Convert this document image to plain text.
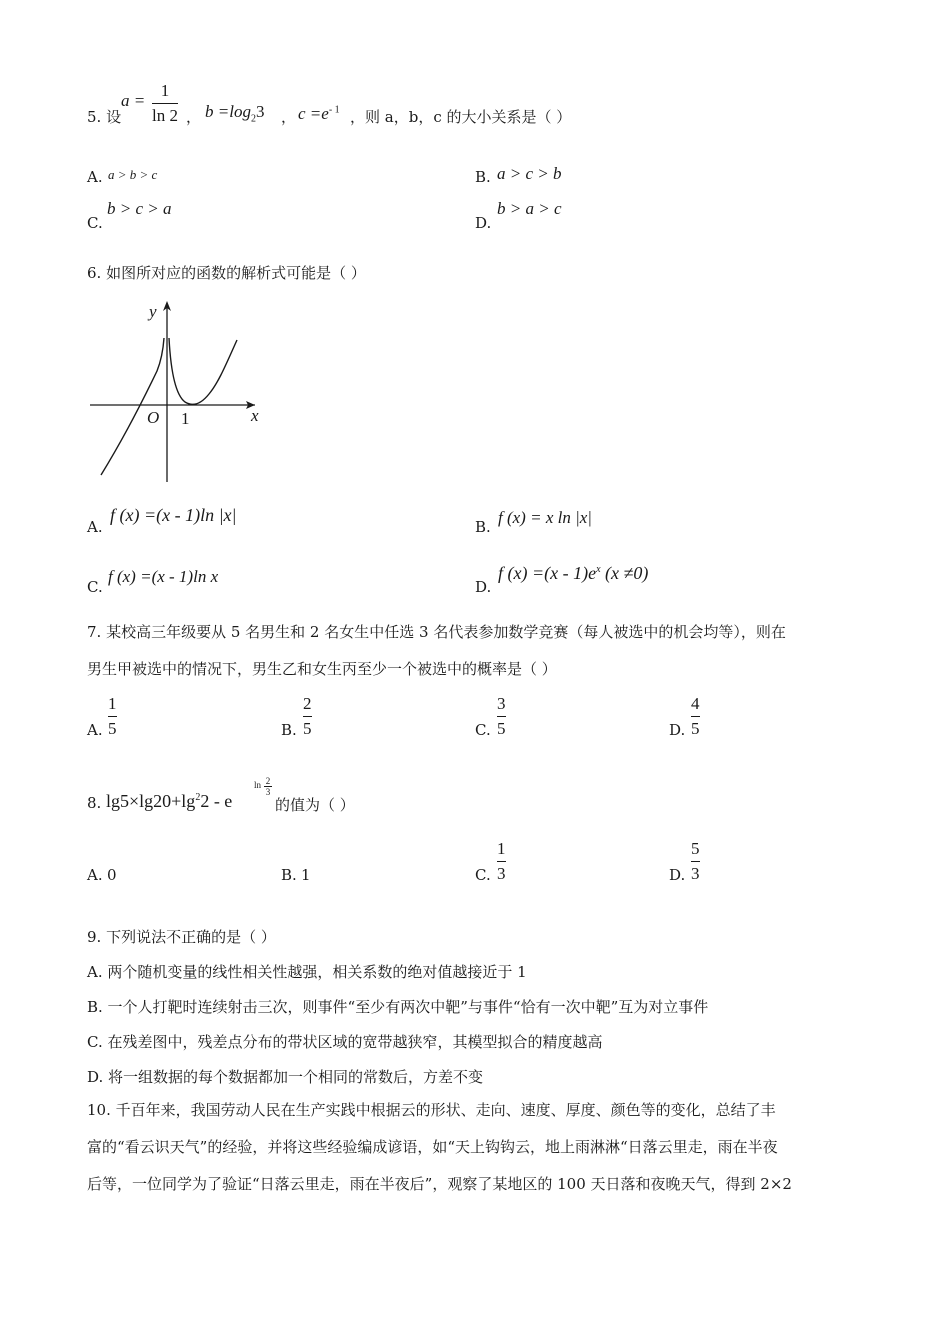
5. 设
a =
1
ln 2 ， $b =\log_23$ ， $c =e^{- 1}$ ，则 a，b，c 的大小关系是（ ）
A. a > b > c	B. a > c > b
C.
b > c > a
D.
b > a > c
6. 如图所对应的函数的解析式可能是（ ）
y
x
O 1
A.
f (x) =(x - 1)ln |x|
B. f (x) = x ln |x|
C.
f (x) =(x - 1)ln x
D.
f $(x) =(x - 1)e^x$ (x ≠0)
7. 某校高三年级要从 5 名男生和 2 名女生中任选 3 名代表参加数学竞赛（每人被选中的机会均等），则在
男生甲被选中的情况下，男生乙和女生丙至少一个被选中的概率是（ ）
A.
1
5	B.
2
5	C.
3
5	D.
4
5
8. $\lg 5\times\lg 20+\lg^22 - e$
ln 2
3
的值为（ ）
A. 0	B. 1	C.
1
3	D.
5
3
9. 下列说法不正确的是（ ）
A. 两个随机变量的线性相关性越强，相关系数的绝对值越接近于 1
B. 一个人打靶时连续射击三次，则事件“至少有两次中靶”与事件“恰有一次中靶”互为对立事件
C. 在残差图中，残差点分布的带状区域的宽带越狭窄，其模型拟合的精度越高
D. 将一组数据的每个数据都加一个相同的常数后，方差不变
10. 千百年来，我国劳动人民在生产实践中根据云的形状、走向、速度、厚度、颜色等的变化，总结了丰
富的“看云识天气”的经验，并将这些经验编成谚语，如“天上钩钩云，地上雨淋淋“日落云里走，雨在半夜
后等，一位同学为了验证“日落云里走，雨在半夜后”，观察了某地区的 100 天日落和夜晚天气，得到 2×2
